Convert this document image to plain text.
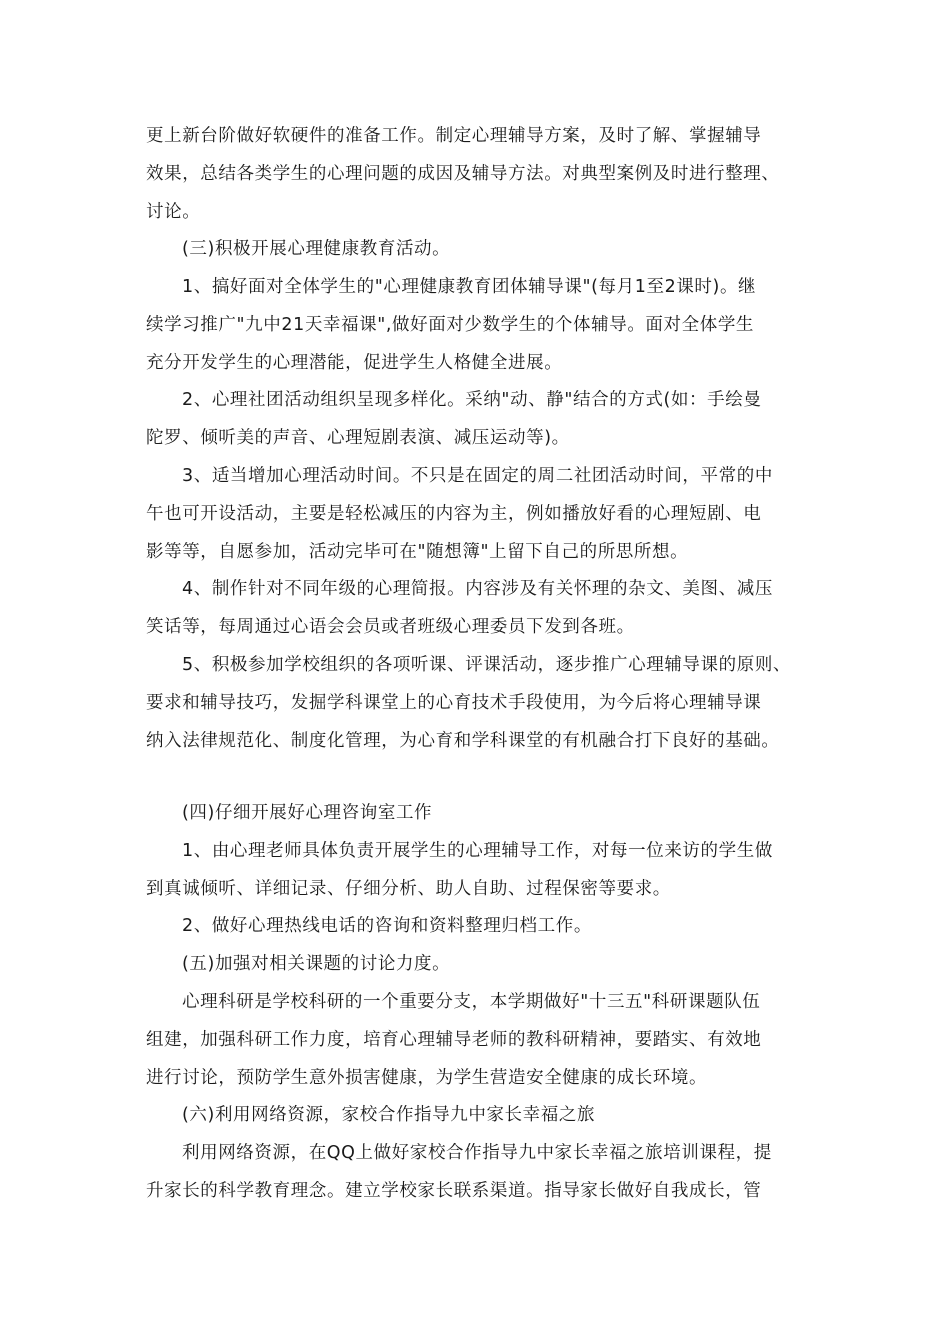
更上新台阶做好软硬件的准备工作。制定心理辅导方案，及时了解、掌握辅导
效果，总结各类学生的心理问题的成因及辅导方法。对典型案例及时进行整理、
讨论。
(三)积极开展心理健康教育活动。
1、搞好面对全体学生的"心理健康教育团体辅导课"(每月1至2课时)。继
续学习推广"九中21天幸福课",做好面对少数学生的个体辅导。面对全体学生
充分开发学生的心理潜能，促进学生人格健全进展。
2、心理社团活动组织呈现多样化。采纳"动、静"结合的方式(如：手绘曼
陀罗、倾听美的声音、心理短剧表演、减压运动等)。
3、适当增加心理活动时间。不只是在固定的周二社团活动时间，平常的中
午也可开设活动，主要是轻松减压的内容为主，例如播放好看的心理短剧、电
影等等，自愿参加，活动完毕可在"随想簿"上留下自己的所思所想。
4、制作针对不同年级的心理简报。内容涉及有关怀理的杂文、美图、减压
笑话等，每周通过心语会会员或者班级心理委员下发到各班。
5、积极参加学校组织的各项听课、评课活动，逐步推广心理辅导课的原则、
要求和辅导技巧，发掘学科课堂上的心育技术手段使用，为今后将心理辅导课
纳入法律规范化、制度化管理，为心育和学科课堂的有机融合打下良好的基础。
(四)仔细开展好心理咨询室工作
1、由心理老师具体负责开展学生的心理辅导工作，对每一位来访的学生做
到真诚倾听、详细记录、仔细分析、助人自助、过程保密等要求。
2、做好心理热线电话的咨询和资料整理归档工作。
(五)加强对相关课题的讨论力度。
心理科研是学校科研的一个重要分支，本学期做好"十三五"科研课题队伍
组建，加强科研工作力度，培育心理辅导老师的教科研精神，要踏实、有效地
进行讨论，预防学生意外损害健康，为学生营造安全健康的成长环境。
(六)利用网络资源，家校合作指导九中家长幸福之旅
利用网络资源，在QQ上做好家校合作指导九中家长幸福之旅培训课程，提
升家长的科学教育理念。建立学校家长联系渠道。指导家长做好自我成长，管
